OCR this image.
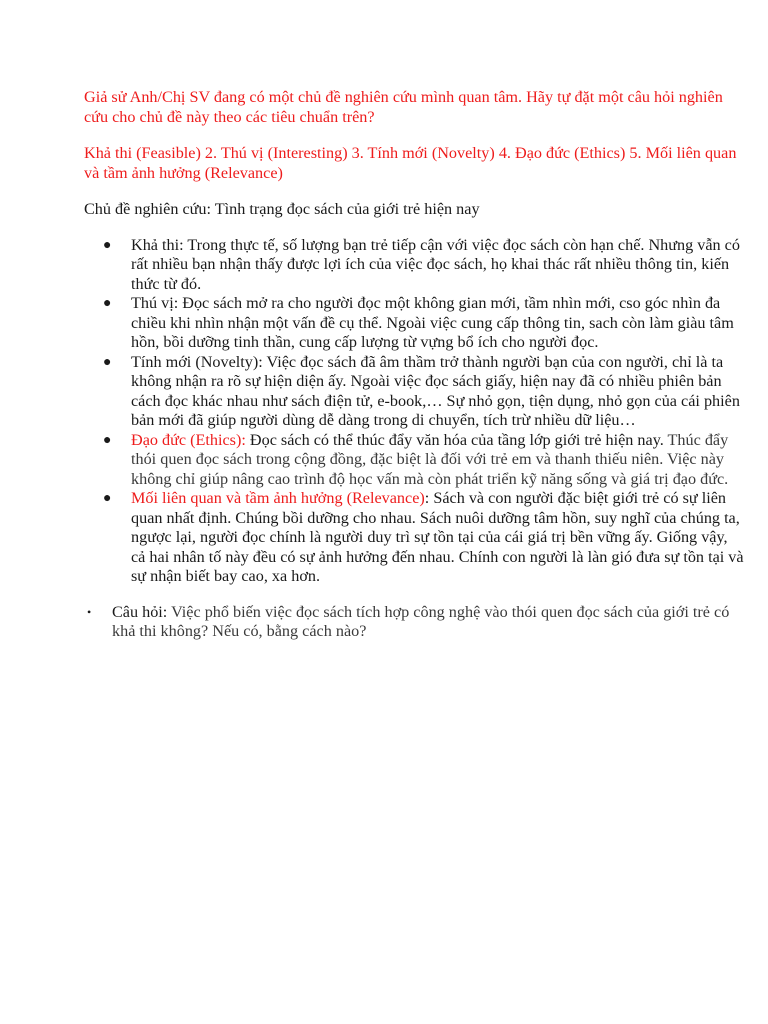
Giả sử Anh/Chị SV đang có một chủ đề nghiên cứu mình quan tâm. Hãy tự đặt một câu hỏi nghiên cứu cho chủ đề này theo các tiêu chuẩn trên?

Khả thi (Feasible) 2. Thú vị (Interesting) 3. Tính mới (Novelty) 4. Đạo đức (Ethics) 5. Mối liên quan và tầm ảnh hưởng (Relevance)

Chủ đề nghiên cứu: Tình trạng đọc sách của giới trẻ hiện nay

● Khả thi: Trong thực tế, số lượng bạn trẻ tiếp cận với việc đọc sách còn hạn chế. Nhưng vẫn có rất nhiều bạn nhận thấy được lợi ích của việc đọc sách, họ khai thác rất nhiều thông tin, kiến thức từ đó.
● Thú vị: Đọc sách mở ra cho người đọc một không gian mới, tầm nhìn mới, cso góc nhìn đa chiều khi nhìn nhận một vấn đề cụ thể. Ngoài việc cung cấp thông tin, sach còn làm giàu tâm hồn, bồi dưỡng tinh thần, cung cấp lượng từ vựng bổ ích cho người đọc.
● Tính mới (Novelty): Việc đọc sách đã âm thầm trở thành người bạn của con người, chỉ là ta không nhận ra rõ sự hiện diện ấy. Ngoài việc đọc sách giấy, hiện nay đã có nhiều phiên bản cách đọc khác nhau như sách điện tử, e-book,… Sự nhỏ gọn, tiện dụng, nhỏ gọn của cái phiên bản mới đã giúp người dùng dễ dàng trong di chuyển, tích trừ nhiều dữ liệu…
● Đạo đức (Ethics): Đọc sách có thể thúc đẩy văn hóa của tầng lớp giới trẻ hiện nay. Thúc đẩy thói quen đọc sách trong cộng đồng, đặc biệt là đối với trẻ em và thanh thiếu niên. Việc này không chỉ giúp nâng cao trình độ học vấn mà còn phát triển kỹ năng sống và giá trị đạo đức.
● Mối liên quan và tầm ảnh hưởng (Relevance): Sách và con người đặc biệt giới trẻ có sự liên quan nhất định. Chúng bồi dưỡng cho nhau. Sách nuôi dưỡng tâm hồn, suy nghĩ của chúng ta, ngược lại, người đọc chính là người duy trì sự tồn tại của cái giá trị bền vững ấy. Giống vậy, cả hai nhân tố này đều có sự ảnh hưởng đến nhau. Chính con người là làn gió đưa sự tồn tại và sự nhận biết bay cao, xa hơn.
• Câu hỏi: Việc phổ biến việc đọc sách tích hợp công nghệ vào thói quen đọc sách của giới trẻ có khả thi không? Nếu có, bằng cách nào?
